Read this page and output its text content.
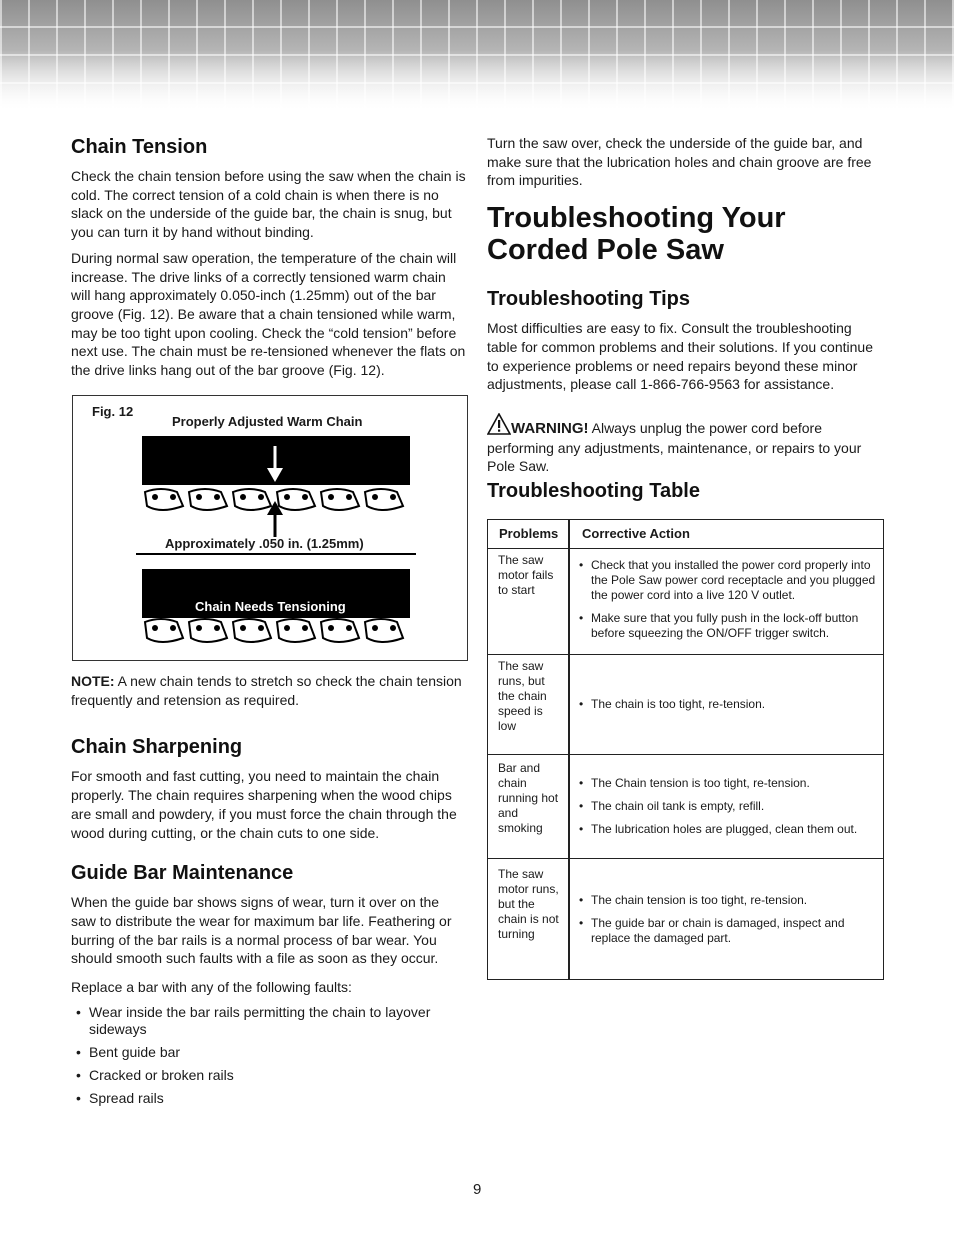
Chain Tension

Check the chain tension before using the saw when the chain is cold. The correct tension of a cold chain is when there is no slack on the underside of the guide bar, the chain is snug, but you can turn it by hand without binding.

During normal saw operation, the temperature of the chain will increase. The drive links of a correctly tensioned warm chain will hang approximately 0.050-inch (1.25mm) out of the bar groove (Fig. 12). Be aware that a chain tensioned while warm, may be too tight upon cooling. Check the “cold tension” before next use. The chain must be re-tensioned whenever the flats on the drive links hang out of the bar groove (Fig. 12).

Fig. 12
Properly Adjusted Warm Chain
Approximately .050 in. (1.25mm)
Chain Needs Tensioning

NOTE: A new chain tends to stretch so check the chain tension frequently and retension as required.

Chain Sharpening

For smooth and fast cutting, you need to maintain the chain properly. The chain requires sharpening when the wood chips are small and powdery, if you must force the chain through the wood during cutting, or the chain cuts to one side.

Guide Bar Maintenance

When the guide bar shows signs of wear, turn it over on the saw to distribute the wear for maximum bar life. Feathering or burring of the bar rails is a normal process of bar wear. You should smooth such faults with a file as soon as they occur.

Replace a bar with any of the following faults:

• Wear inside the bar rails permitting the chain to layover sideways
• Bent guide bar
• Cracked or broken rails
• Spread rails

Turn the saw over, check the underside of the guide bar, and make sure that the lubrication holes and chain groove are free from impurities.

Troubleshooting Your
Corded Pole Saw
Troubleshooting Tips

Most difficulties are easy to fix. Consult the troubleshooting table for common problems and their solutions. If you continue to experience problems or need repairs beyond these minor adjustments, please call 1-866-766-9563 for assistance.

WARNING! Always unplug the power cord before performing any adjustments, maintenance, or repairs to your Pole Saw.

Troubleshooting Table
Problems Corrective Action
The saw motor fails to start
• Check that you installed the power cord properly into the Pole Saw power cord receptacle and you plugged the power cord into a live 120 V outlet.
• Make sure that you fully push in the lock-off button before squeezing the ON/OFF trigger switch.
The saw runs, but the chain speed is low
• The chain is too tight, re-tension.
Bar and chain running hot and smoking
• The Chain tension is too tight, re-tension.
• The chain oil tank is empty, refill.
• The lubrication holes are plugged, clean them out.
The saw motor runs, but the chain is not turning
• The chain tension is too tight, re-tension.
• The guide bar or chain is damaged, inspect and replace the damaged part.
9
